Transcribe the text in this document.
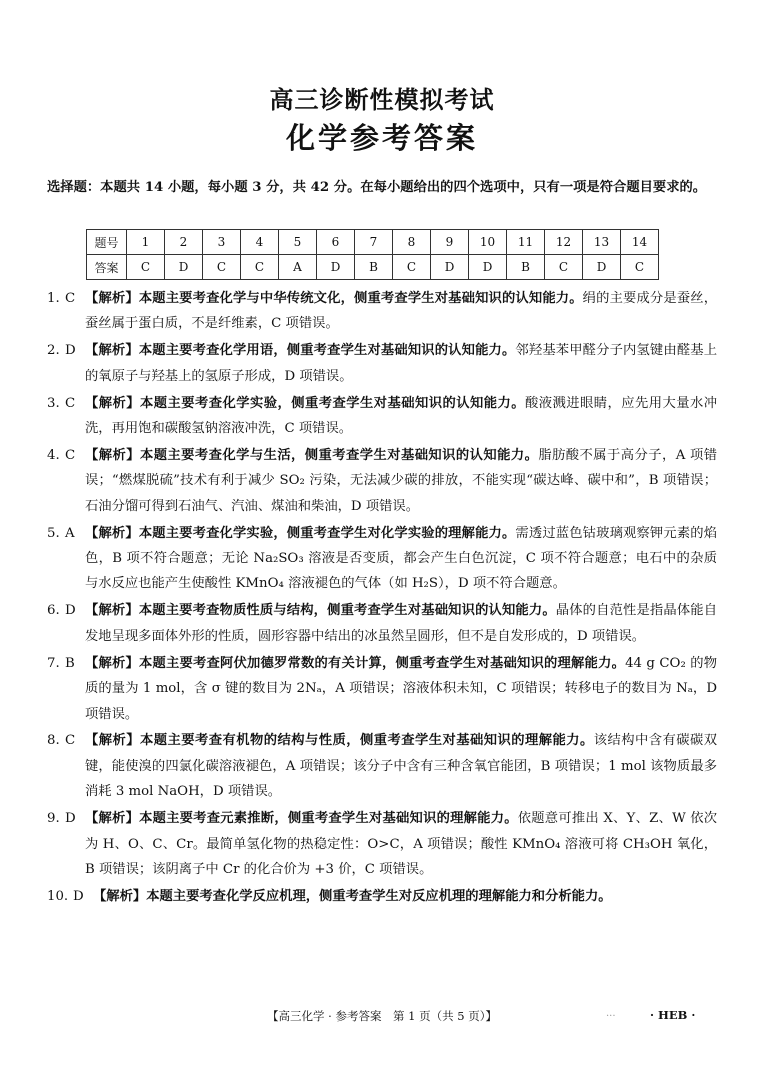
高三诊断性模拟考试
化学参考答案
选择题：本题共 14 小题，每小题 3 分，共 42 分。在每小题给出的四个选项中，只有一项是符合题目要求的。
题号	1	2	3	4	5	6	7	8	9	10	11	12	13	14
答案	C	D	C	C	A	D	B	C	D	D	B	C	D	C
1. C 【解析】本题主要考查化学与中华传统文化，侧重考查学生对基础知识的认知能力。绢的主要成分是蚕丝，蚕丝属于蛋白质，不是纤维素，C 项错误。
2. D 【解析】本题主要考查化学用语，侧重考查学生对基础知识的认知能力。邻羟基苯甲醛分子内氢键由醛基上的氧原子与羟基上的氢原子形成，D 项错误。
3. C 【解析】本题主要考查化学实验，侧重考查学生对基础知识的认知能力。酸液溅进眼睛，应先用大量水冲洗，再用饱和碳酸氢钠溶液冲洗，C 项错误。
4. C 【解析】本题主要考查化学与生活，侧重考查学生对基础知识的认知能力。脂肪酸不属于高分子，A 项错误；“燃煤脱硫”技术有利于减少 SO₂ 污染，无法减少碳的排放，不能实现“碳达峰、碳中和”，B 项错误；石油分馏可得到石油气、汽油、煤油和柴油，D 项错误。
5. A 【解析】本题主要考查化学实验，侧重考查学生对化学实验的理解能力。需透过蓝色钴玻璃观察钾元素的焰色，B 项不符合题意；无论 Na₂SO₃ 溶液是否变质，都会产生白色沉淀，C 项不符合题意；电石中的杂质与水反应也能产生使酸性 KMnO₄ 溶液褪色的气体（如 H₂S），D 项不符合题意。
6. D 【解析】本题主要考查物质性质与结构，侧重考查学生对基础知识的认知能力。晶体的自范性是指晶体能自发地呈现多面体外形的性质，圆形容器中结出的冰虽然呈圆形，但不是自发形成的，D 项错误。
7. B 【解析】本题主要考查阿伏加德罗常数的有关计算，侧重考查学生对基础知识的理解能力。44 g CO₂ 的物质的量为 1 mol，含 σ 键的数目为 2Nₐ，A 项错误；溶液体积未知，C 项错误；转移电子的数目为 Nₐ，D 项错误。
8. C 【解析】本题主要考查有机物的结构与性质，侧重考查学生对基础知识的理解能力。该结构中含有碳碳双键，能使溴的四氯化碳溶液褪色，A 项错误；该分子中含有三种含氧官能团，B 项错误；1 mol 该物质最多消耗 3 mol NaOH，D 项错误。
9. D 【解析】本题主要考查元素推断，侧重考查学生对基础知识的理解能力。依题意可推出 X、Y、Z、W 依次为 H、O、C、Cr。最简单氢化物的热稳定性：O>C，A 项错误；酸性 KMnO₄ 溶液可将 CH₃OH 氧化，B 项错误；该阴离子中 Cr 的化合价为 +3 价，C 项错误。
10. D 【解析】本题主要考查化学反应机理，侧重考查学生对反应机理的理解能力和分析能力。
【高三化学 · 参考答案　第 1 页（共 5 页）】	...	· HEB ·
